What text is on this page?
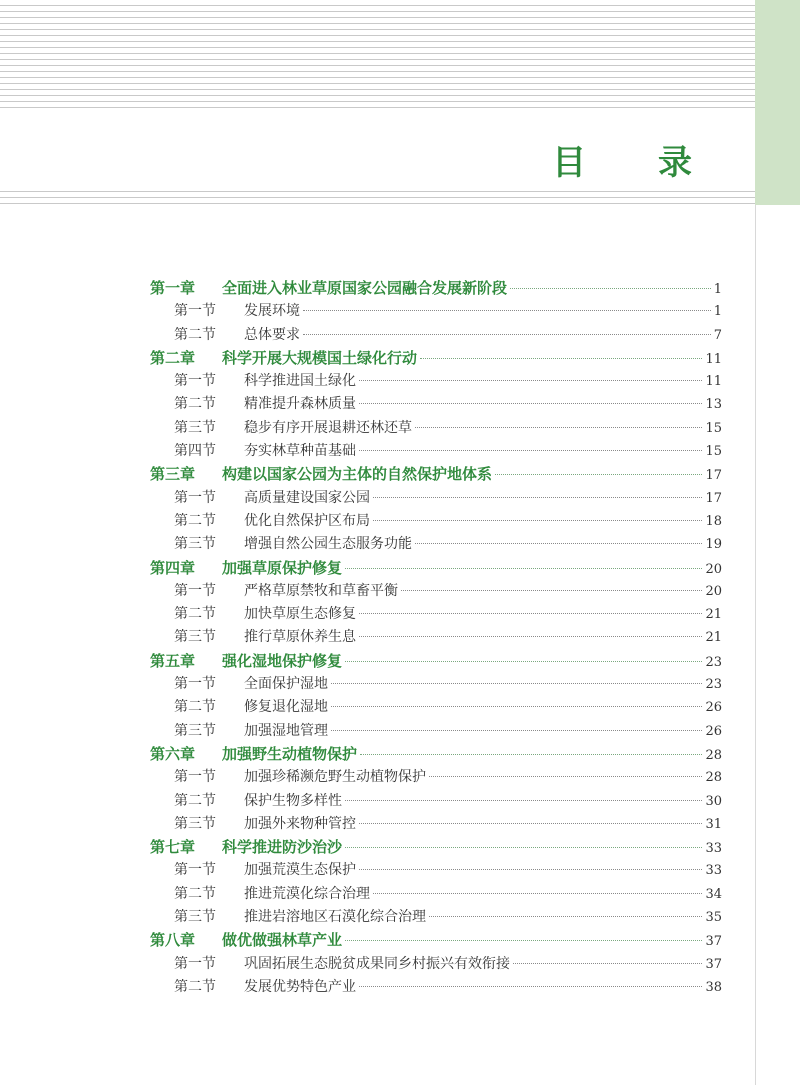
目 录
第一章	全面进入林业草原国家公园融合发展新阶段	1
第一节	发展环境	1
第二节	总体要求	7
第二章	科学开展大规模国土绿化行动	11
第一节	科学推进国土绿化	11
第二节	精准提升森林质量	13
第三节	稳步有序开展退耕还林还草	15
第四节	夯实林草种苗基础	15
第三章	构建以国家公园为主体的自然保护地体系	17
第一节	高质量建设国家公园	17
第二节	优化自然保护区布局	18
第三节	增强自然公园生态服务功能	19
第四章	加强草原保护修复	20
第一节	严格草原禁牧和草畜平衡	20
第二节	加快草原生态修复	21
第三节	推行草原休养生息	21
第五章	强化湿地保护修复	23
第一节	全面保护湿地	23
第二节	修复退化湿地	26
第三节	加强湿地管理	26
第六章	加强野生动植物保护	28
第一节	加强珍稀濒危野生动植物保护	28
第二节	保护生物多样性	30
第三节	加强外来物种管控	31
第七章	科学推进防沙治沙	33
第一节	加强荒漠生态保护	33
第二节	推进荒漠化综合治理	34
第三节	推进岩溶地区石漠化综合治理	35
第八章	做优做强林草产业	37
第一节	巩固拓展生态脱贫成果同乡村振兴有效衔接	37
第二节	发展优势特色产业	38
